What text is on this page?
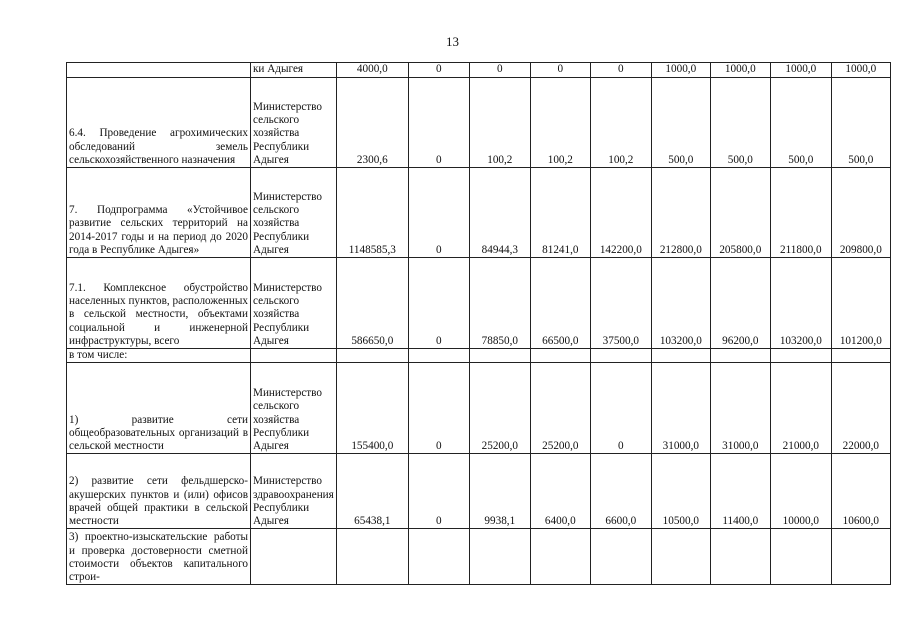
13
	ки Адыгея	4000,0	0	0	0	0	1000,0	1000,0	1000,0	1000,0
6.4. Проведение агрохимических обследований земель сельскохозяйственного назначения	Министерство сельского хозяйства Республики Адыгея	2300,6	0	100,2	100,2	100,2	500,0	500,0	500,0	500,0
7. Подпрограмма «Устойчивое развитие сельских территорий на 2014-2017 годы и на период до 2020 года в Республике Адыгея»	Министерство сельского хозяйства Республики Адыгея	1148585,3	0	84944,3	81241,0	142200,0	212800,0	205800,0	211800,0	209800,0
7.1. Комплексное обустройство населенных пунктов, расположенных в сельской местности, объектами социальной и инженерной инфраструктуры, всего	Министерство сельского хозяйства Республики Адыгея	586650,0	0	78850,0	66500,0	37500,0	103200,0	96200,0	103200,0	101200,0
в том числе:										
1) развитие сети общеобразовательных организаций в сельской местности	Министерство сельского хозяйства Республики Адыгея	155400,0	0	25200,0	25200,0	0	31000,0	31000,0	21000,0	22000,0
2) развитие сети фельдшерско-акушерских пунктов и (или) офисов врачей общей практики в сельской местности	Министерство здравоохранения Республики Адыгея	65438,1	0	9938,1	6400,0	6600,0	10500,0	11400,0	10000,0	10600,0
3) проектно-изыскательские работы и проверка достоверности сметной стоимости объектов капитального строи-										
